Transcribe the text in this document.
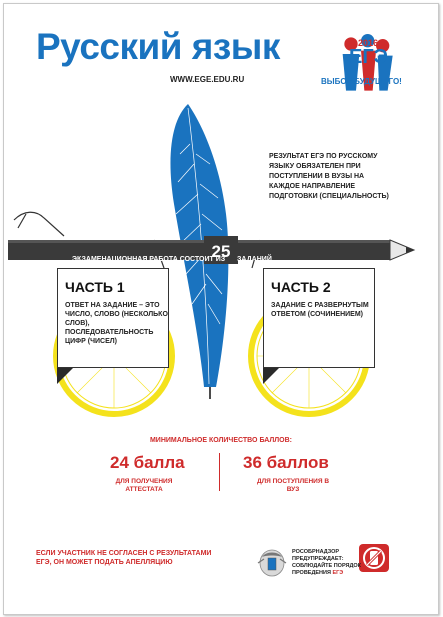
Русский язык
WWW.EGE.EDU.RU
2016
ЕГЭ
ВЫБОР БУДУЩЕГО!
РЕЗУЛЬТАТ ЕГЭ ПО РУССКОМУ ЯЗЫКУ ОБЯЗАТЕЛЕН ПРИ ПОСТУПЛЕНИИ В ВУЗЫ НА КАЖДОЕ НАПРАВЛЕНИЕ ПОДГОТОВКИ (СПЕЦИАЛЬНОСТЬ)
ЭКЗАМЕНАЦИОННАЯ РАБОТА СОСТОИТ ИЗ
25 ЗАДАНИЙ
ЧАСТЬ 1

ОТВЕТ НА ЗАДАНИЕ – ЭТО ЧИСЛО, СЛОВО (НЕСКОЛЬКО СЛОВ), ПОСЛЕДОВАТЕЛЬНОСТЬ ЦИФР (ЧИСЕЛ)

ЧАСТЬ 2

ЗАДАНИЕ С РАЗВЕРНУТЫМ ОТВЕТОМ (СОЧИНЕНИЕМ)

МИНИМАЛЬНОЕ КОЛИЧЕСТВО БАЛЛОВ:
24 балла	36 баллов
ДЛЯ ПОЛУЧЕНИЯ АТТЕСТАТА
ДЛЯ ПОСТУПЛЕНИЯ В ВУЗ
ЕСЛИ УЧАСТНИК НЕ СОГЛАСЕН С РЕЗУЛЬТАТАМИ ЕГЭ, ОН МОЖЕТ ПОДАТЬ АПЕЛЛЯЦИЮ
РОСОБРНАДЗОР ПРЕДУПРЕЖДАЕТ: СОБЛЮДАЙТЕ ПОРЯДОК ПРОВЕДЕНИЯ ЕГЭ
